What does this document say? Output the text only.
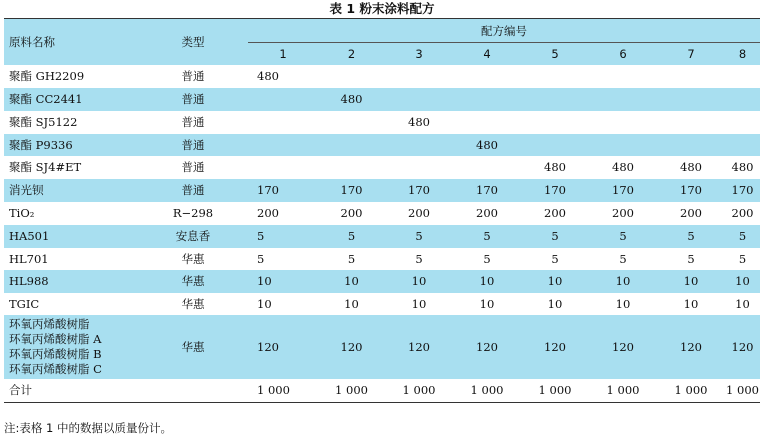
表 1 粉末涂料配方
原料名称	类型	配方编号							
		1	2	3	4	5	6	7	8
聚酯 GH2209	普通	480							
聚酯 CC2441	普通		480						
聚酯 SJ5122	普通			480					
聚酯 P9336	普通				480				
聚酯 SJ4#ET	普通					480	480	480	480
消光钡	普通	170	170	170	170	170	170	170	170
TiO₂	R−298	200	200	200	200	200	200	200	200
HA501	安息香	5	5	5	5	5	5	5	5
HL701	华惠	5	5	5	5	5	5	5	5
HL988	华惠	10	10	10	10	10	10	10	10
TGIC	华惠	10	10	10	10	10	10	10	10

环氧丙烯酸树脂
环氧丙烯酸树脂 A
环氧丙烯酸树脂 B
环氧丙烯酸树脂 C	华惠	120	120	120	120	120	120	120	120
合计		1 000	1 000	1 000	1 000	1 000	1 000	1 000	1 000
注:表格 1 中的数据以质量份计。
